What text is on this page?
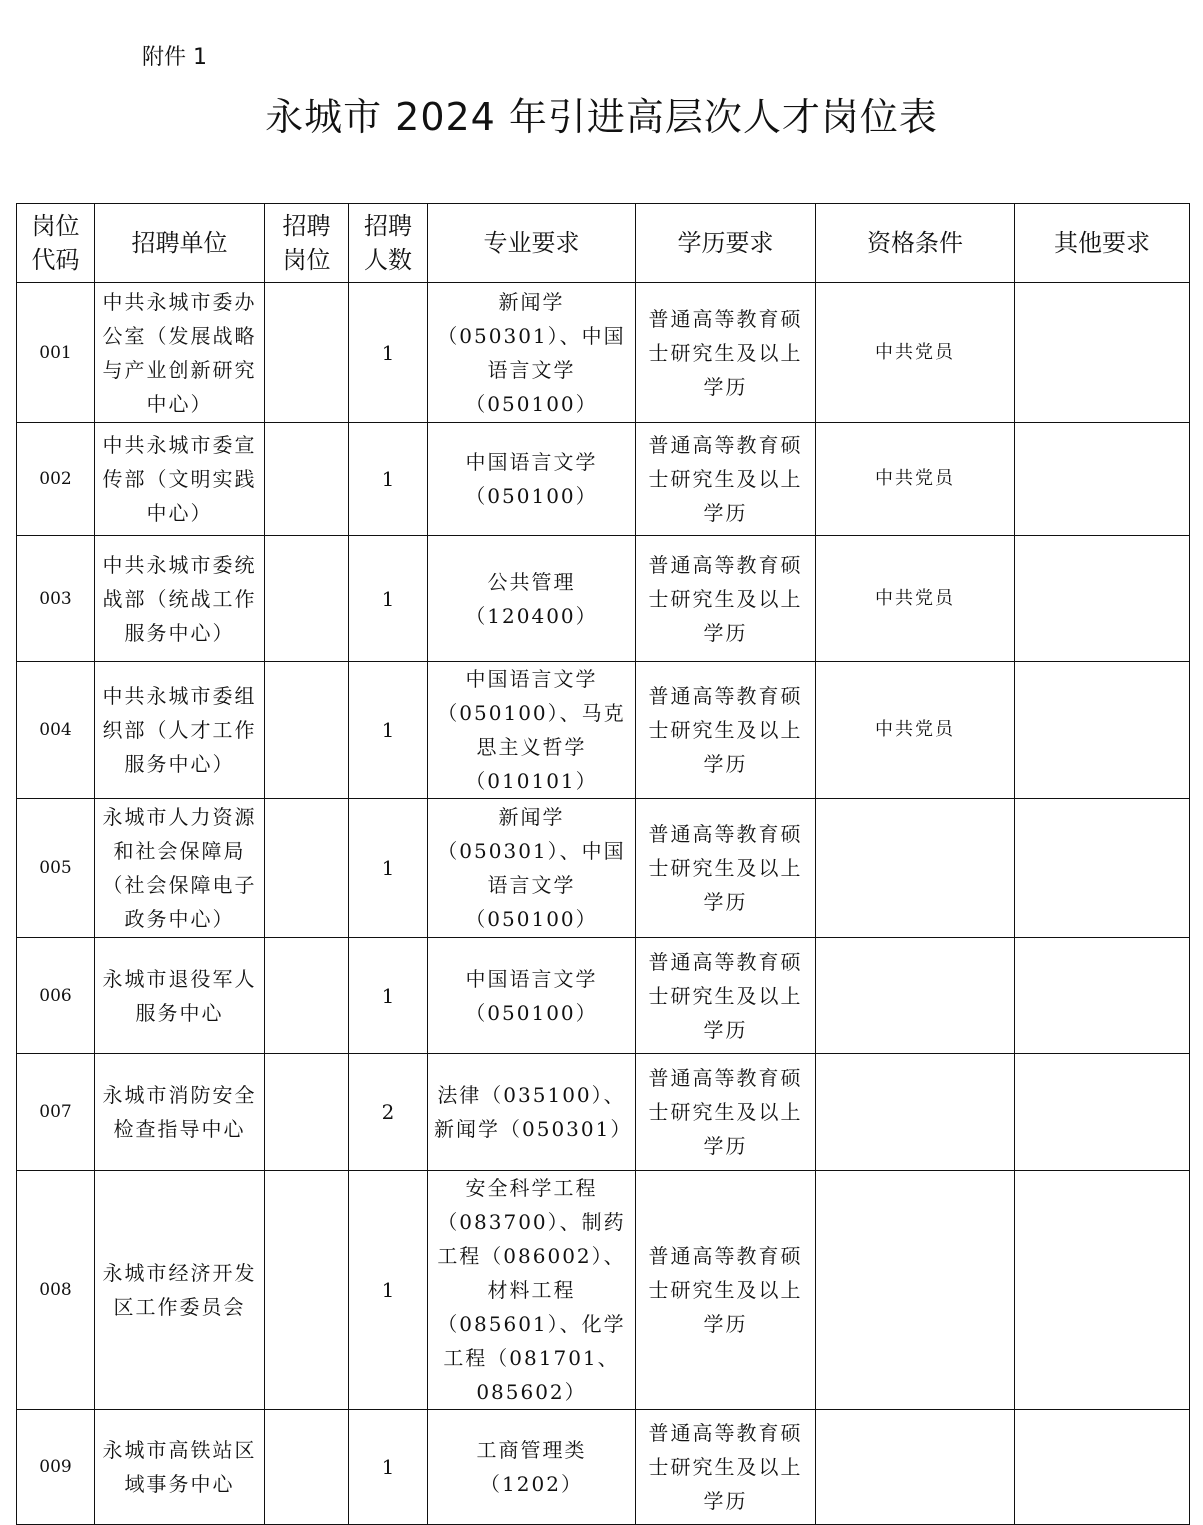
附件 1
永城市 2024 年引进高层次人才岗位表
岗位代码	招聘单位	招聘岗位	招聘人数	专业要求	学历要求	资格条件	其他要求
001	中共永城市委办公室（发展战略与产业创新研究中心）		1	新闻学（050301）、中国语言文学（050100）	普通高等教育硕士研究生及以上学历	中共党员	
002	中共永城市委宣传部（文明实践中心）		1	中国语言文学（050100）	普通高等教育硕士研究生及以上学历	中共党员	
003	中共永城市委统战部（统战工作服务中心）		1	公共管理（120400）	普通高等教育硕士研究生及以上学历	中共党员	
004	中共永城市委组织部（人才工作服务中心）		1	中国语言文学（050100）、马克思主义哲学（010101）	普通高等教育硕士研究生及以上学历	中共党员	
005	永城市人力资源和社会保障局（社会保障电子政务中心）		1	新闻学（050301）、中国语言文学（050100）	普通高等教育硕士研究生及以上学历		
006	永城市退役军人服务中心		1	中国语言文学（050100）	普通高等教育硕士研究生及以上学历		
007	永城市消防安全检查指导中心		2	法律（035100）、新闻学（050301）	普通高等教育硕士研究生及以上学历		
008	永城市经济开发区工作委员会		1	安全科学工程（083700）、制药工程（086002）、材料工程（085601）、化学工程（081701、085602）	普通高等教育硕士研究生及以上学历		
009	永城市高铁站区域事务中心		1	工商管理类（1202）	普通高等教育硕士研究生及以上学历		
